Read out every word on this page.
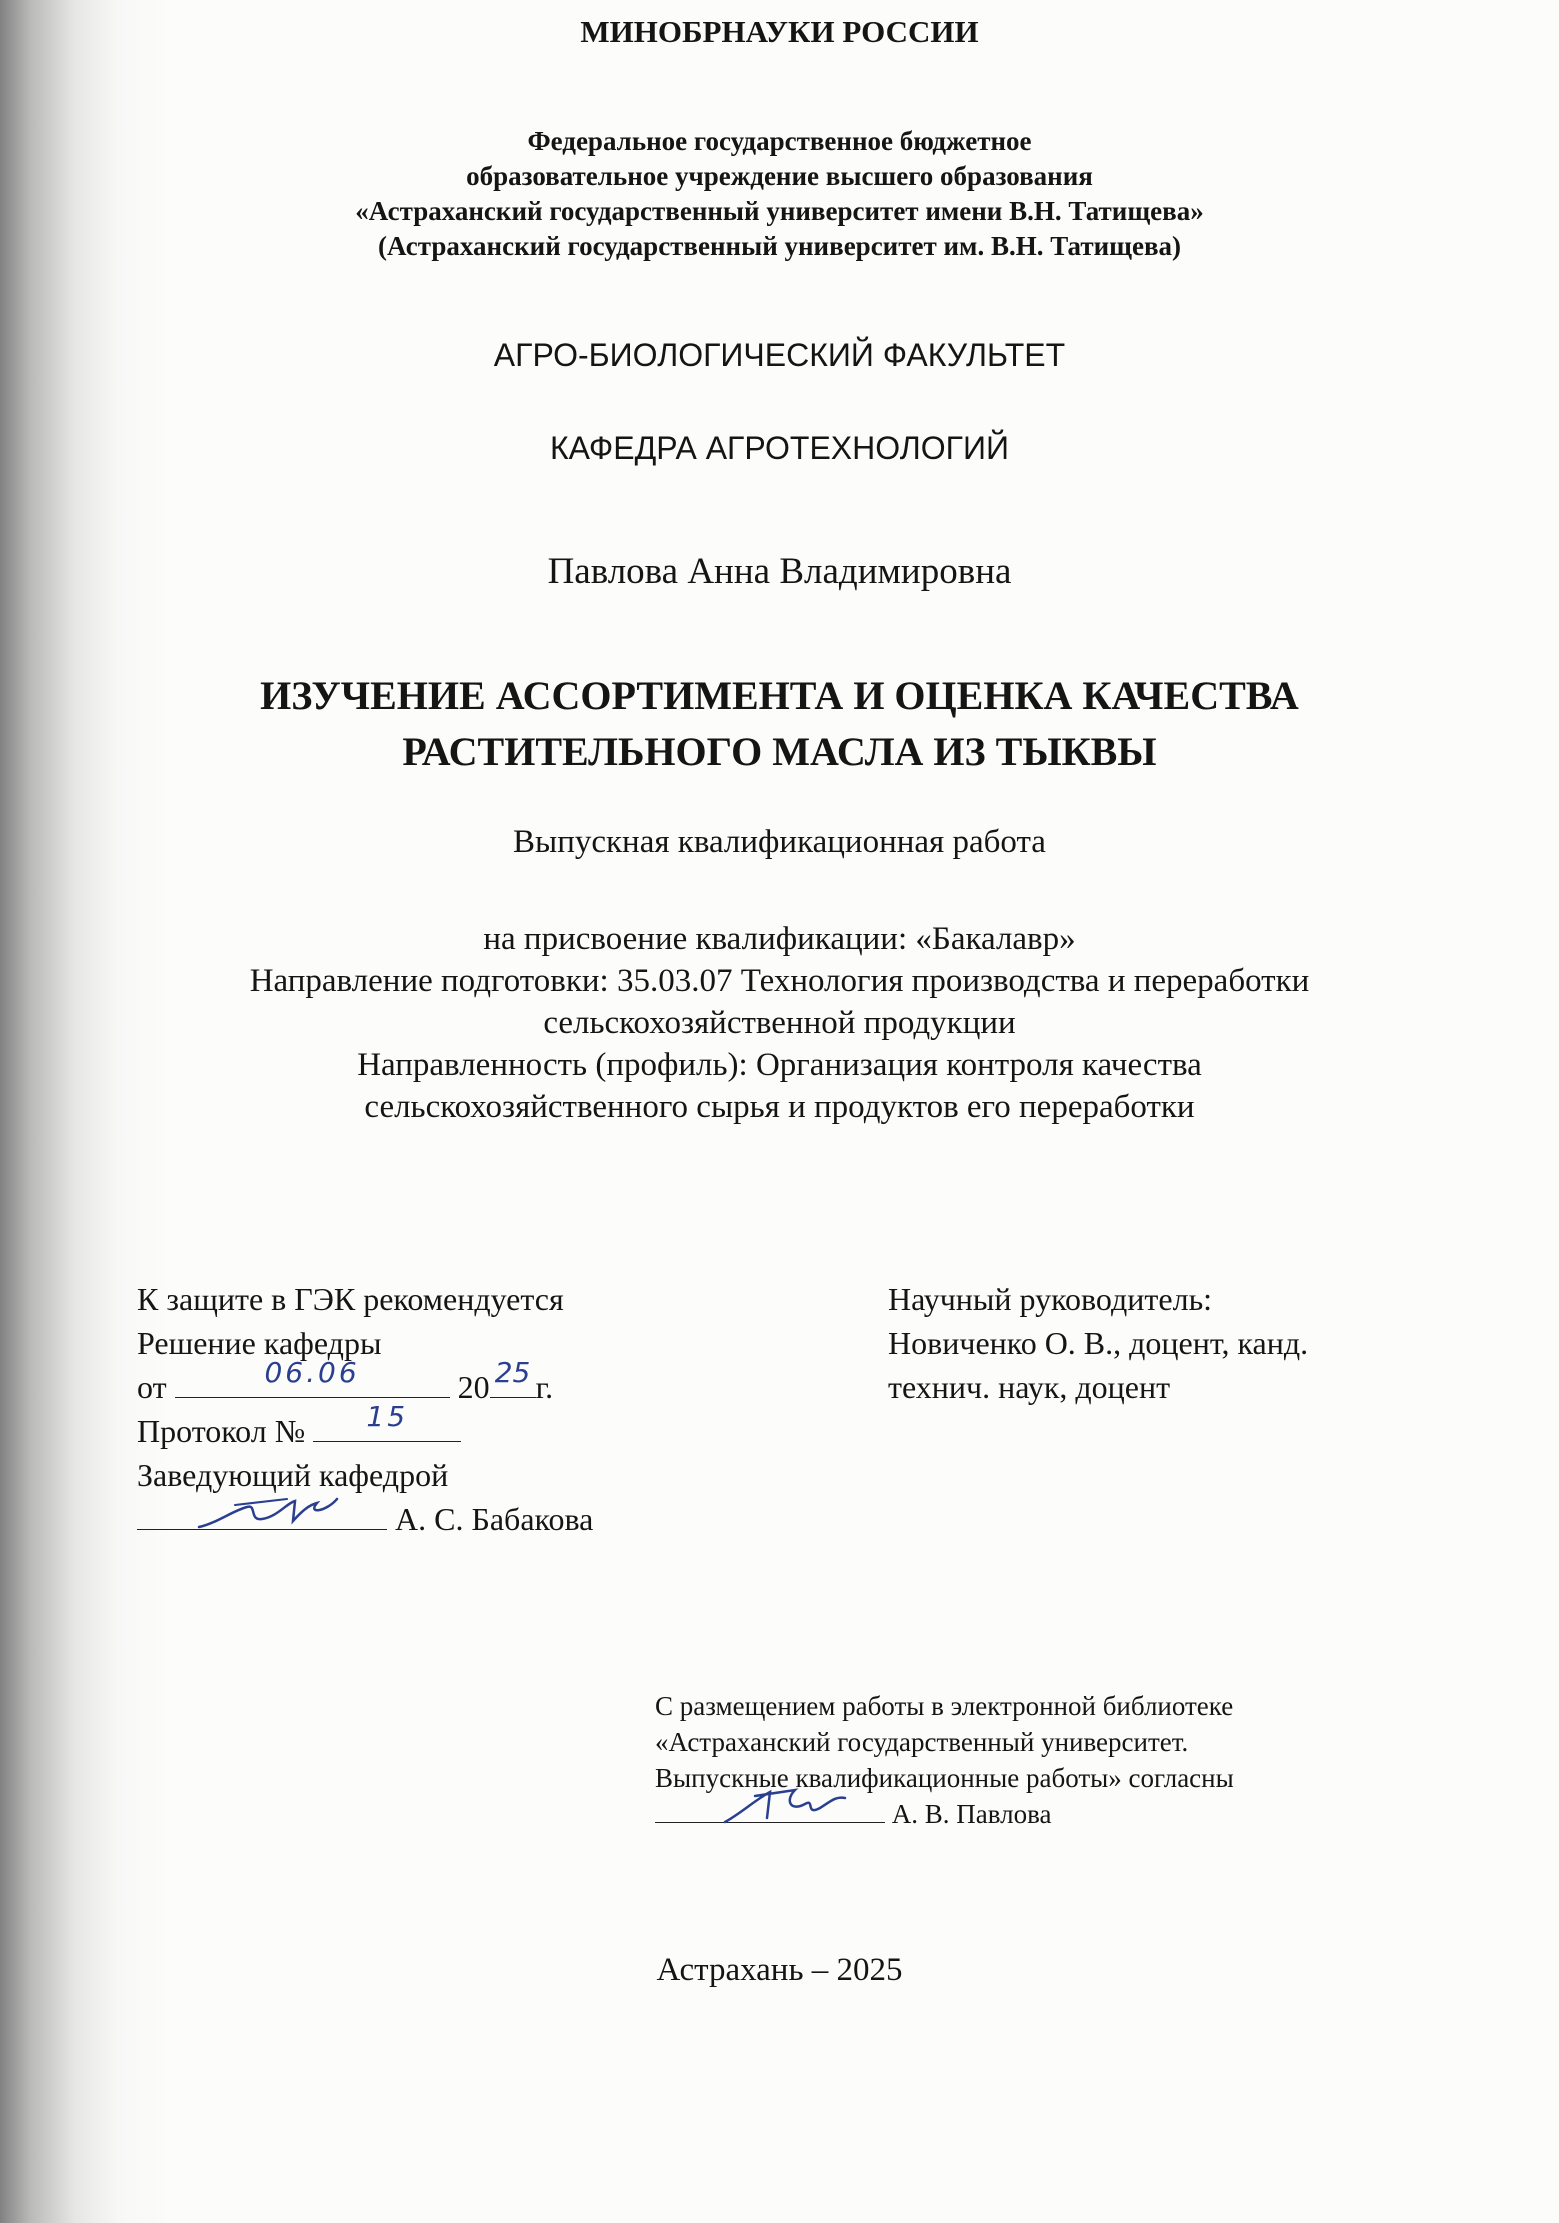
МИНОБРНАУКИ РОССИИ
Федеральное государственное бюджетное
образовательное учреждение высшего образования
«Астраханский государственный университет имени В.Н. Татищева»
(Астраханский государственный университет им. В.Н. Татищева)
АГРО-БИОЛОГИЧЕСКИЙ ФАКУЛЬТЕТ
КАФЕДРА АГРОТЕХНОЛОГИЙ
Павлова Анна Владимировна
ИЗУЧЕНИЕ АССОРТИМЕНТА И ОЦЕНКА КАЧЕСТВА
РАСТИТЕЛЬНОГО МАСЛА ИЗ ТЫКВЫ
Выпускная квалификационная работа
на присвоение квалификации: «Бакалавр»
Направление подготовки: 35.03.07 Технология производства и переработки
сельскохозяйственной продукции
Направленность (профиль): Организация контроля качества
сельскохозяйственного сырья и продуктов его переработки
К защите в ГЭК рекомендуется
Решение кафедры
от	06.06	20 25 г.
Протокол №	15
Заведующий кафедрой
А. С. Бабакова
Научный руководитель:
Новиченко О. В., доцент, канд.
технич. наук, доцент
С размещением работы в электронной библиотеке
«Астраханский государственный университет.
Выпускные квалификационные работы» согласны
А. В. Павлова
Астрахань – 2025
